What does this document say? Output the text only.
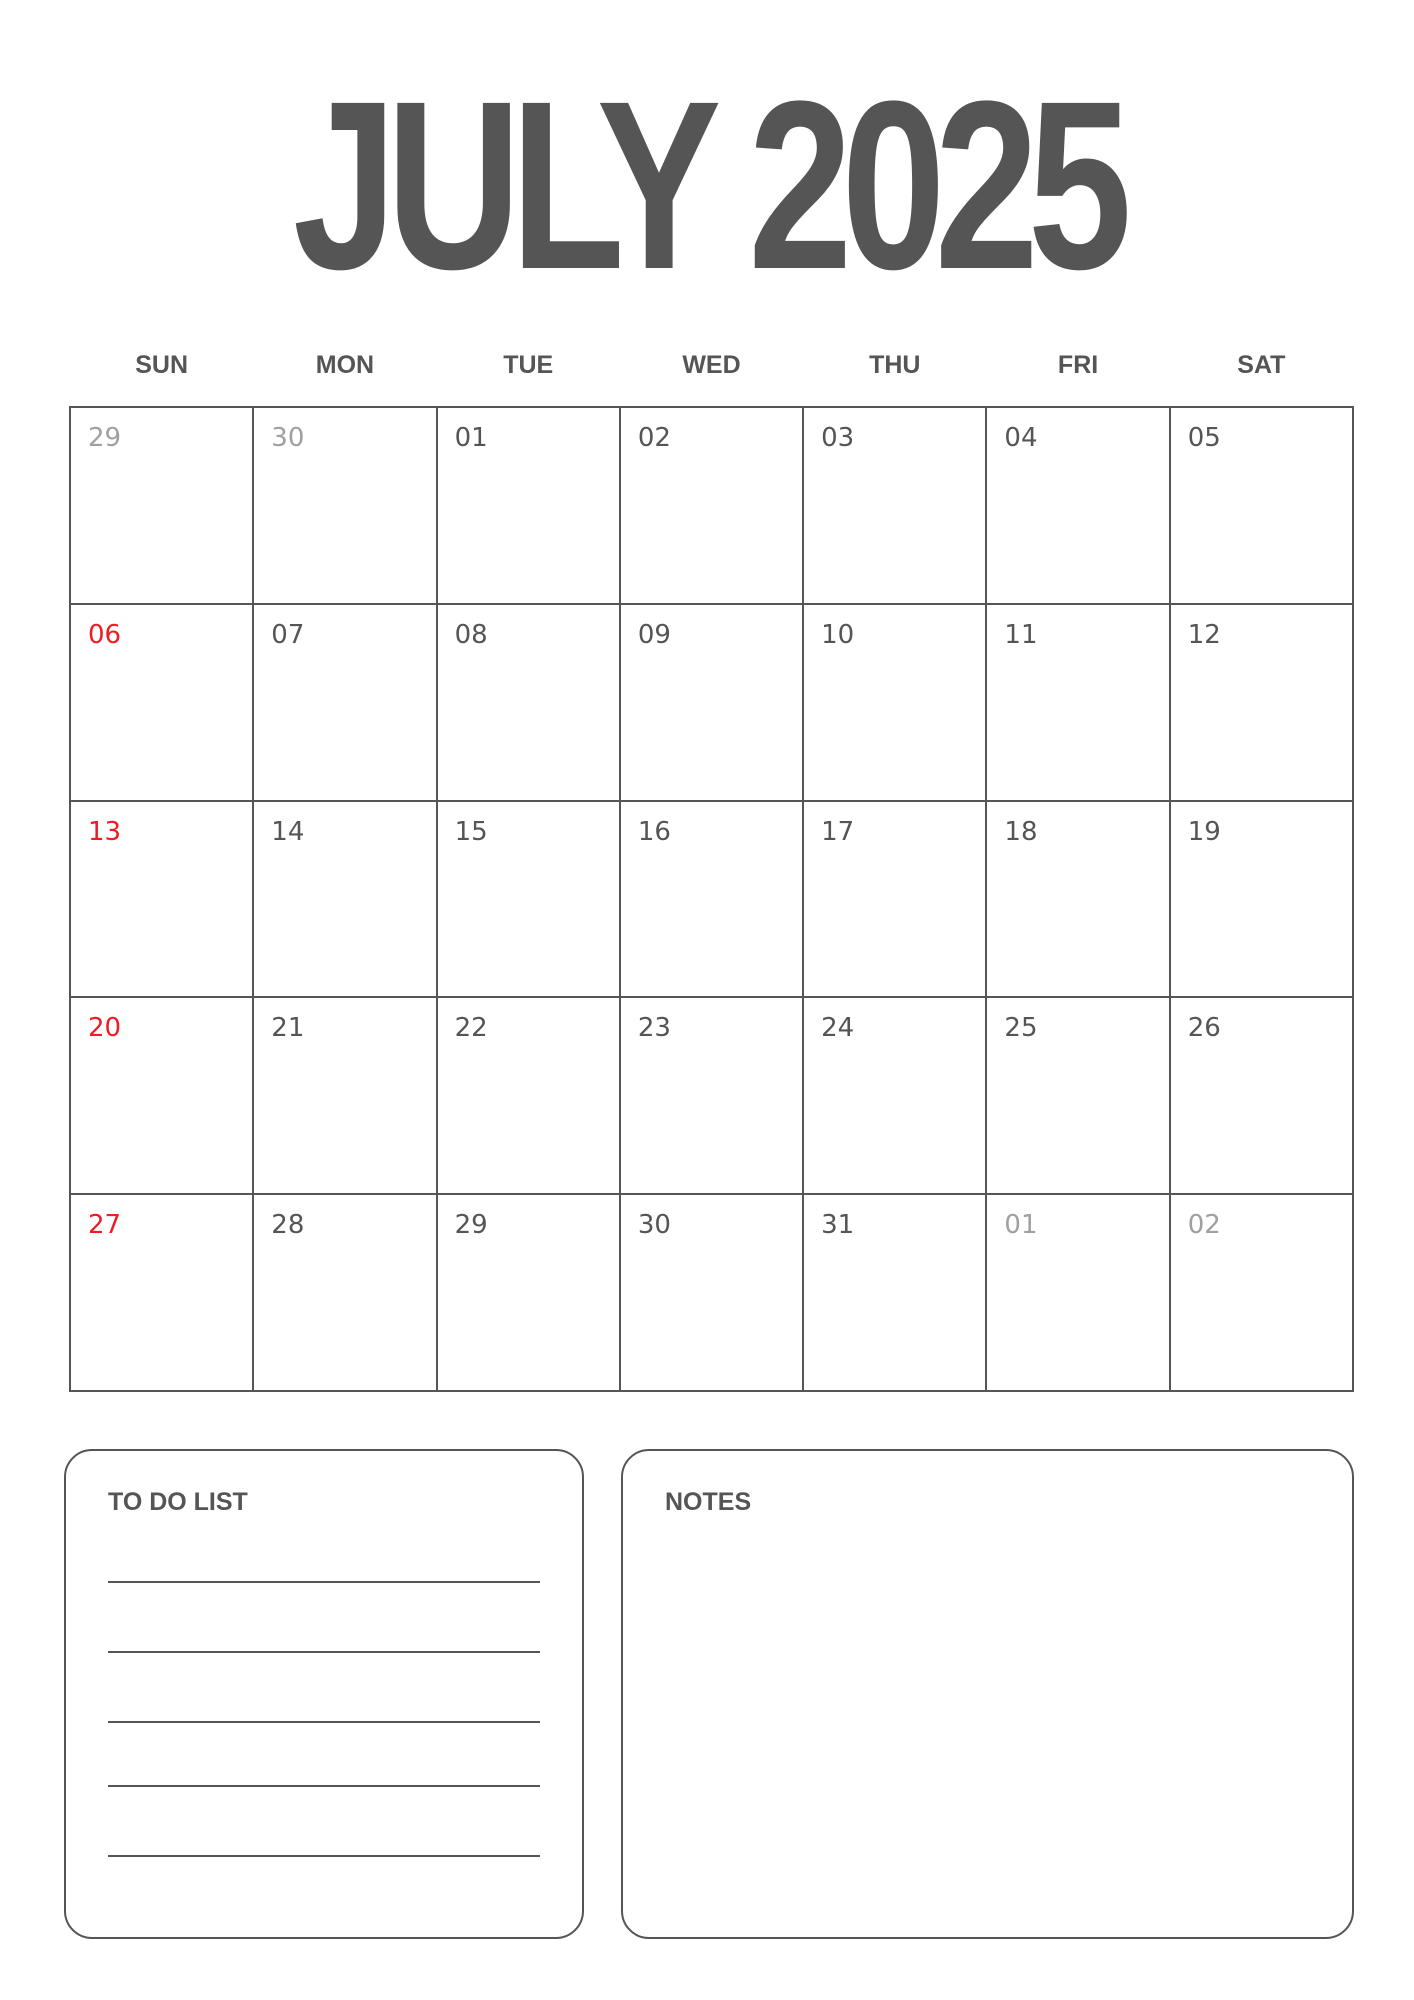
JULY 2025
SUN	MON	TUE	WED	THU	FRI	SAT
29	30	01	02	03	04	05
06	07	08	09	10	11	12
13	14	15	16	17	18	19
20	21	22	23	24	25	26
27	28	29	30	31	01	02
TO DO LIST	NOTES
